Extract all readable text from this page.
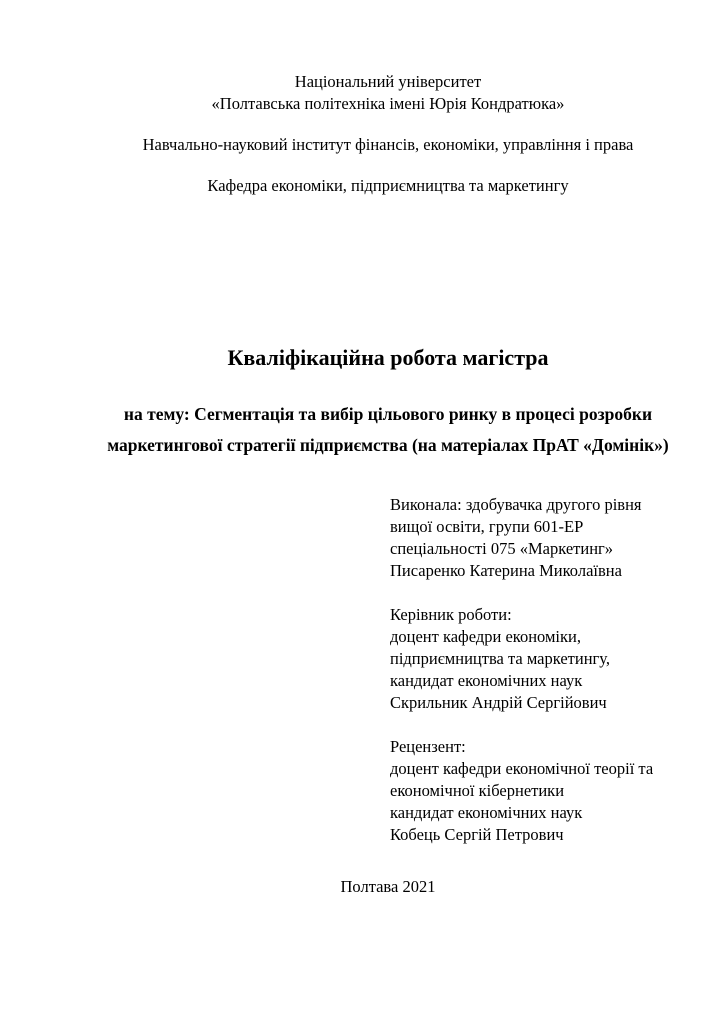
Національний університет
«Полтавська політехніка імені Юрія Кондратюка»
Навчально-науковий інститут фінансів, економіки, управління і права
Кафедра економіки, підприємництва та маркетингу
Кваліфікаційна робота магістра
на тему: Сегментація та вибір цільового ринку в процесі розробки
маркетингової стратегії підприємства (на матеріалах ПрАТ «Домінік»)
Виконала: здобувачка другого рівня
вищої освіти, групи 601-ЕР
спеціальності 075 «Маркетинг»
Писаренко Катерина Миколаївна
Керівник роботи:
доцент кафедри економіки,
підприємництва та маркетингу,
кандидат економічних наук
Скрильник Андрій Сергійович
Рецензент:
доцент кафедри економічної теорії та
економічної кібернетики
кандидат економічних наук
Кобець Сергій Петрович
Полтава 2021
